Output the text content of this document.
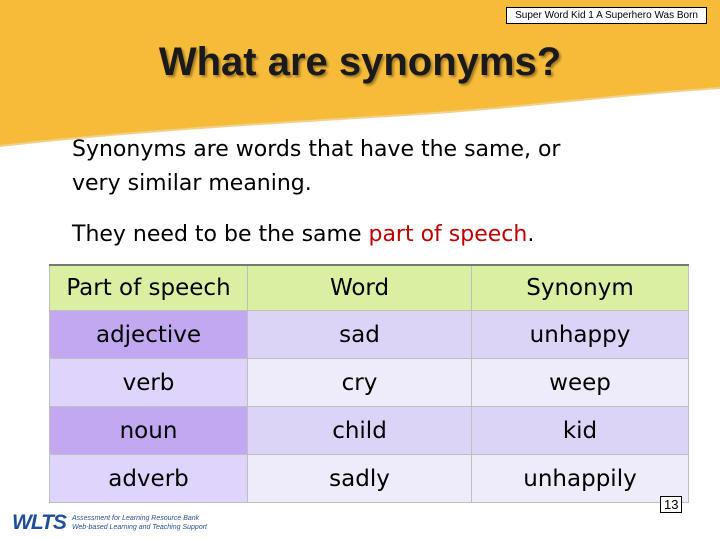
Super Word Kid 1 A Superhero Was Born
What are synonyms?
Synonyms are words that have the same, or
very similar meaning.
They need to be the same part of speech.
Part of speech	Word	Synonym
adjective	sad	unhappy
verb	cry	weep
noun	child	kid
adverb	sadly	unhappily
13
WLTS Assessment for Learning Resource Bank
Web-based Learning and Teaching Support
